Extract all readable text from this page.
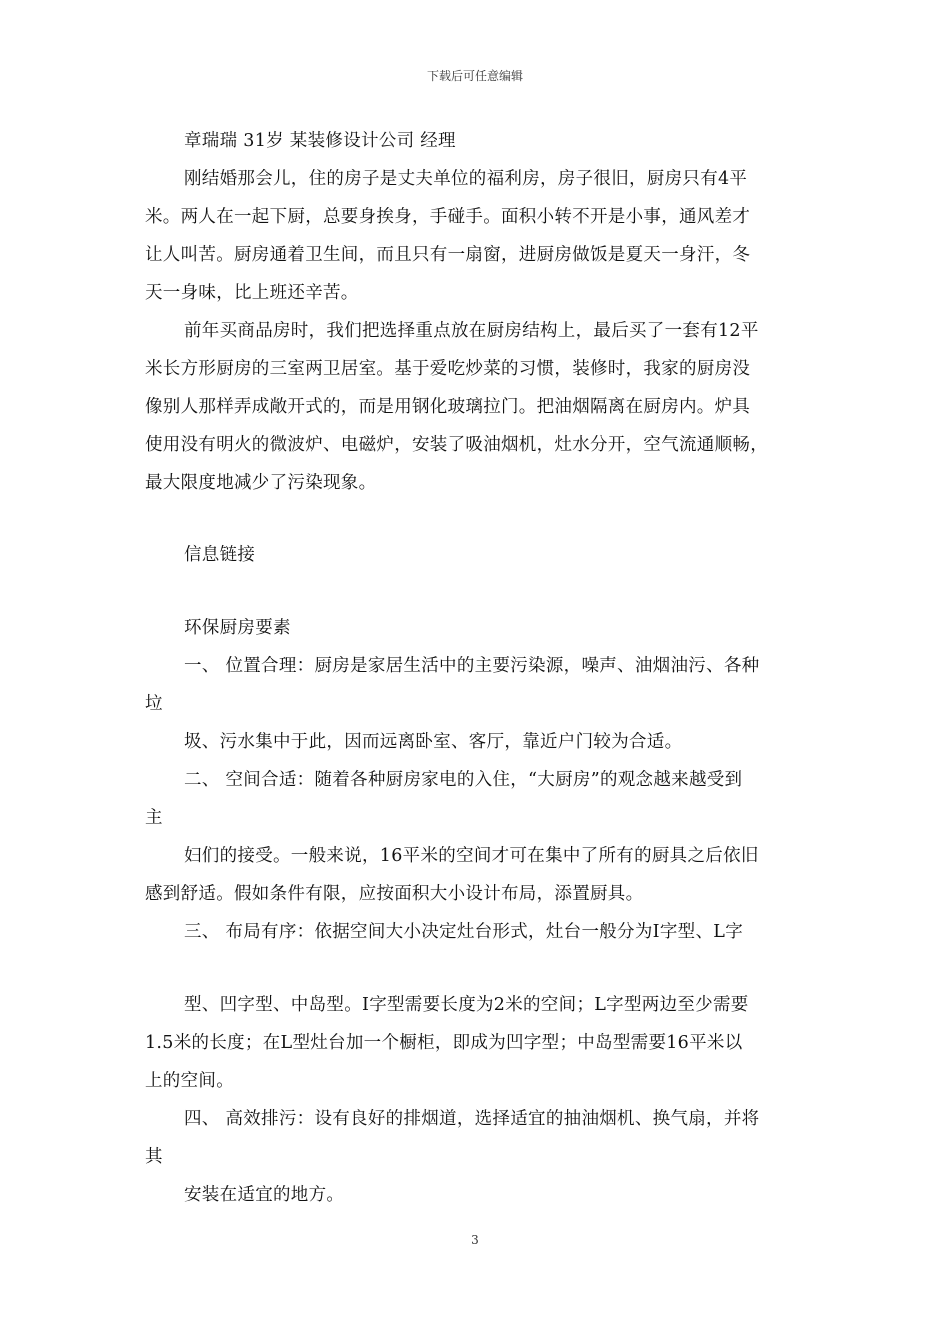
下载后可任意编辑
章瑞瑞 31岁 某装修设计公司 经理
刚结婚那会儿，住的房子是丈夫单位的福利房，房子很旧，厨房只有4平
米。两人在一起下厨，总要身挨身，手碰手。面积小转不开是小事，通风差才
让人叫苦。厨房通着卫生间，而且只有一扇窗，进厨房做饭是夏天一身汗，冬
天一身味，比上班还辛苦。
前年买商品房时，我们把选择重点放在厨房结构上，最后买了一套有12平
米长方形厨房的三室两卫居室。基于爱吃炒菜的习惯，装修时，我家的厨房没
像别人那样弄成敞开式的，而是用钢化玻璃拉门。把油烟隔离在厨房内。炉具
使用没有明火的微波炉、电磁炉，安装了吸油烟机，灶水分开，空气流通顺畅，
最大限度地减少了污染现象。
信息链接
环保厨房要素
一、 位置合理：厨房是家居生活中的主要污染源，噪声、油烟油污、各种
垃
圾、污水集中于此，因而远离卧室、客厅，靠近户门较为合适。
二、 空间合适：随着各种厨房家电的入住，“大厨房”的观念越来越受到
主
妇们的接受。一般来说，16平米的空间才可在集中了所有的厨具之后依旧
感到舒适。假如条件有限，应按面积大小设计布局，添置厨具。
三、 布局有序：依据空间大小决定灶台形式，灶台一般分为I字型、L字
型、凹字型、中岛型。I字型需要长度为2米的空间；L字型两边至少需要
1.5米的长度；在L型灶台加一个橱柜，即成为凹字型；中岛型需要16平米以
上的空间。
四、 高效排污：设有良好的排烟道，选择适宜的抽油烟机、换气扇，并将
其
安装在适宜的地方。
3
